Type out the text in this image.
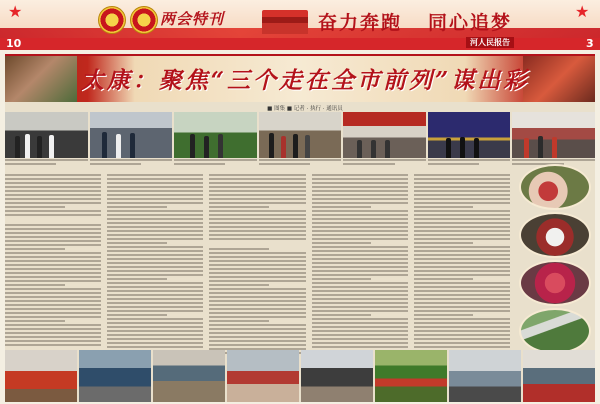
★	★
两会特刊	奋力奔跑 同心追梦
10	3
河人民报告
太康：聚焦“三个走在全市前列”谋出彩
■ 图集 ■ 记者 · 执行 · 通讯员
